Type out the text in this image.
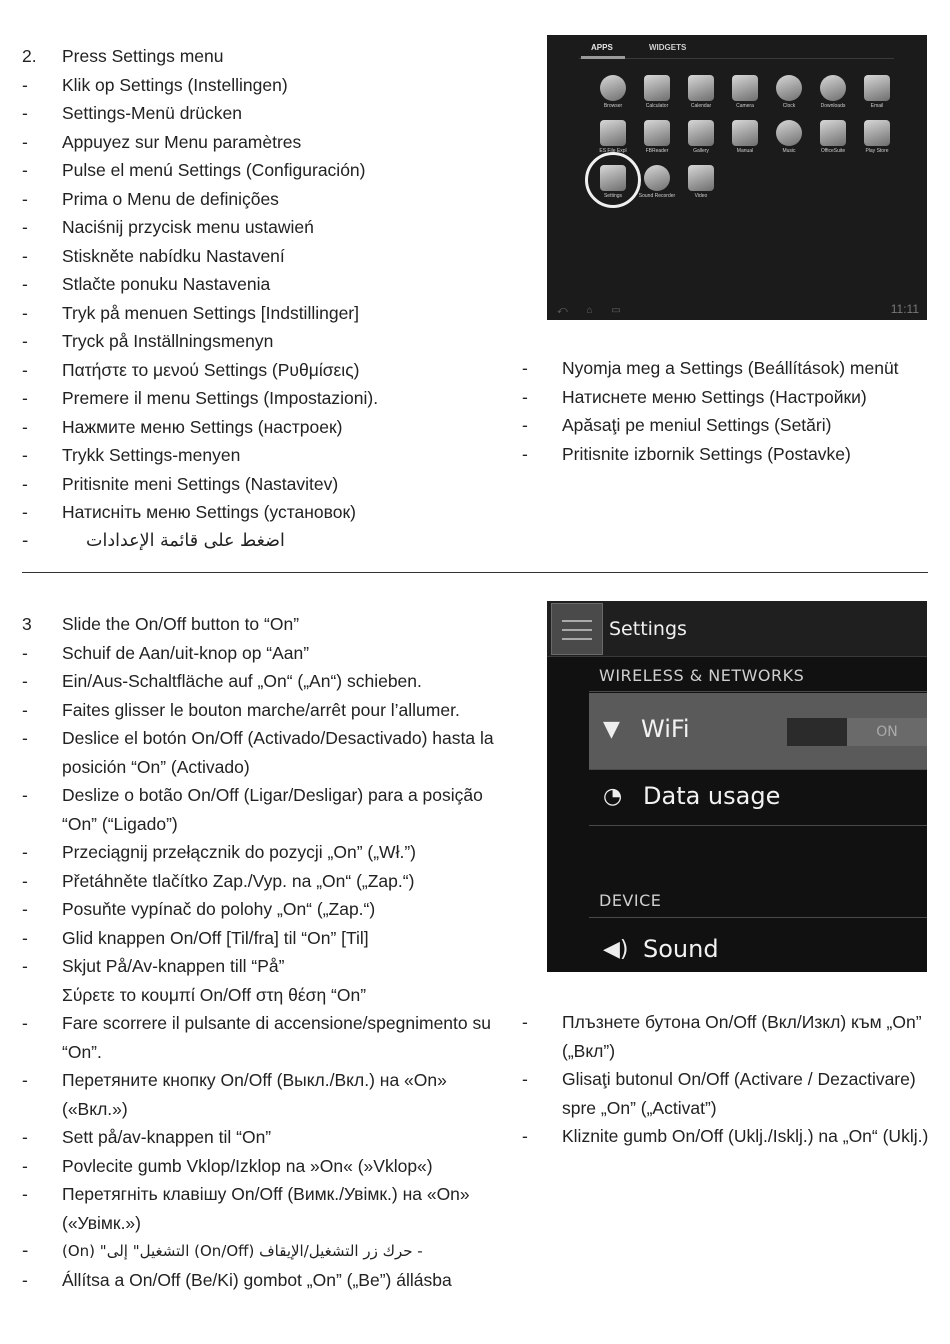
2.	Press Settings menu
-	Klik op Settings (Instellingen)
-	Settings-Menü drücken
-	Appuyez sur Menu paramètres
-	Pulse el menú Settings (Configuración)
-	Prima o Menu de definições
-	Naciśnij przycisk menu ustawień
-	Stiskněte nabídku Nastavení
-	Stlačte ponuku Nastavenia
-	Tryk på menuen Settings [Indstillinger]
-	Tryck på Inställningsmenyn
-	Πατήστε το μενού Settings (Ρυθμίσεις)
-	Premere il menu Settings (Impostazioni).
-	Нажмите меню Settings (настроек)
-	Trykk Settings-menyen
-	Pritisnite meni Settings (Nastavitev)
-	Натисніть меню Settings (установок)
-	اضغط على قائمة الإعدادات
-	Nyomja meg a Settings (Beállítások) menüt
-	Натиснете меню Settings (Настройки)
-	Apăsaţi pe meniul Settings (Setări)
-	Pritisnite izbornik Settings (Postavke)
APPS	WIDGETS
Browser	Calculator	Calendar	Camera	Clock	Downloads	Email
ES File Expl	FBReader	Gallery	Manual	Music	OfficeSuite	Play Store
Settings	Sound Recorder	Video
⤺ ⌂ ▭	11:11
3	Slide the On/Off button to “On”
-	Schuif de Aan/uit-knop op “Aan”
-	Ein/Aus-Schaltfläche auf „On“ („An“) schieben.
-	Faites glisser le bouton marche/arrêt pour l’allumer.
-	Deslice el botón On/Off (Activado/Desactivado) hasta la posición “On” (Activado)
-	Deslize o botão On/Off (Ligar/Desligar) para a posição “On” (“Ligado”)
-	Przeciągnij przełącznik do pozycji „On” („Wł.”)
-	Přetáhněte tlačítko Zap./Vyp. na „On“ („Zap.“)
-	Posuňte vypínač do polohy „On“ („Zap.“)
-	Glid knappen On/Off [Til/fra] til “On” [Til]
-	Skjut På/Av-knappen till “På”
Σύρετε το κουμπί On/Off στη θέση “On”
-	Fare scorrere il pulsante di accensione/spegnimento su “On”.
-	Перетяните кнопку On/Off (Выкл./Вкл.) на «On» («Вкл.»)
-	Sett på/av-knappen til “On”
-	Povlecite gumb Vklop/Izklop na »On« (»Vklop«)
-	Перетягніть клавішу On/Off (Вимк./Увімк.) на «On» («Увімк.»)
-	(On) "التشغيل" إلى (On/Off) حرك زر التشغيل/الإيقاف -
-	Állítsa a On/Off (Be/Ki) gombot „On” („Be”) állásba
-	Плъзнете бутона On/Off (Вкл/Изкл) към „On” („Вкл”)
-	Glisaţi butonul On/Off (Activare / Dezactivare) spre „On” („Activat”)
-	Kliznite gumb On/Off (Uklj./Isklj.) na „On“ (Uklj.)
Settings
WIRELESS & NETWORKS
▼ WiFi	ON
◔ Data usage
DEVICE
◀) Sound
